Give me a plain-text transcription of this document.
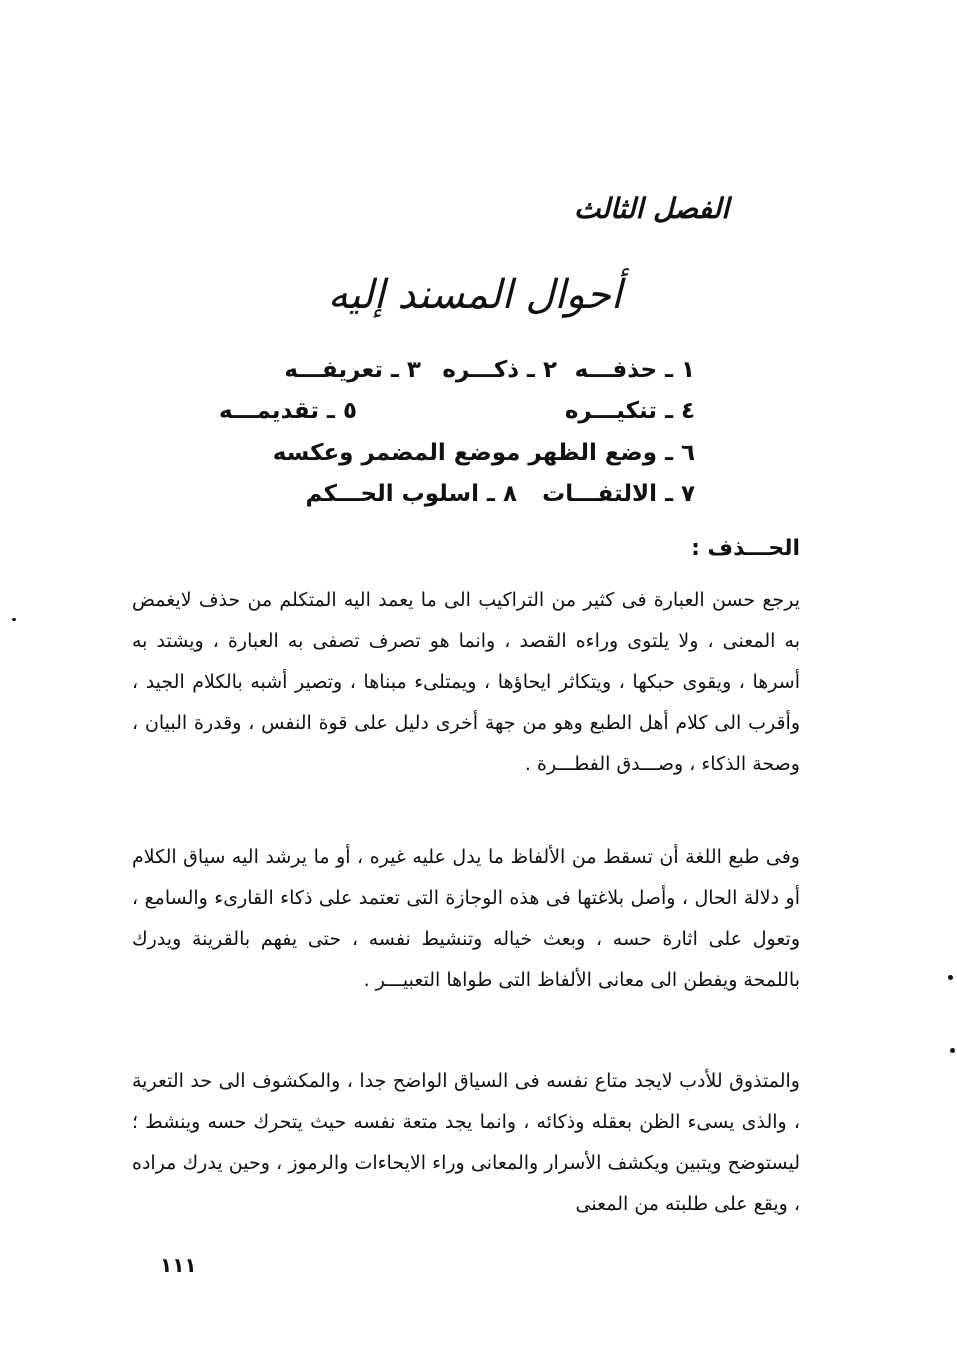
الفصل الثالث
أحوال المسند إليه
١ ـ حذفـــه ٢ ـ ذكـــره ٣ ـ تعريفـــه
٤ ـ تنكيـــره ٥ ـ تقديمـــه
٦ ـ وضع الظهر موضع المضمر وعكسه
٧ ـ الالتفـــات ٨ ـ اسلوب الحـــكم
الحـــذف :
يرجع حسن العبارة فى كثير من التراكيب الى ما يعمد اليه المتكلم من حذف لايغمض به المعنى ، ولا يلتوى وراءه القصد ، وانما هو تصرف تصفى به العبارة ، ويشتد به أسرها ، ويقوى حبكها ، ويتكاثر ايحاؤها ، ويمتلىء مبناها ، وتصير أشبه بالكلام الجيد ، وأقرب الى كلام أهل الطبع وهو من جهة أخرى دليل على قوة النفس ، وقدرة البيان ، وصحة الذكاء ، وصـــدق الفطـــرة .
وفى طبع اللغة أن تسقط من الألفاظ ما يدل عليه غيره ، أو ما يرشد اليه سياق الكلام أو دلالة الحال ، وأصل بلاغتها فى هذه الوجازة التى تعتمد على ذكاء القارىء والسامع ، وتعول على اثارة حسه ، وبعث خياله وتنشيط نفسه ، حتى يفهم بالقرينة ويدرك باللمحة ويفطن الى معانى الألفاظ التى طواها التعبيـــر .
والمتذوق للأدب لايجد متاع نفسه فى السياق الواضح جدا ، والمكشوف الى حد التعرية ، والذى يسىء الظن بعقله وذكائه ، وانما يجد متعة نفسه حيث يتحرك حسه وينشط ؛ ليستوضح ويتبين ويكشف الأسرار والمعانى وراء الايحاءات والرموز ، وحين يدرك مراده ، ويقع على طلبته من المعنى
١١١
